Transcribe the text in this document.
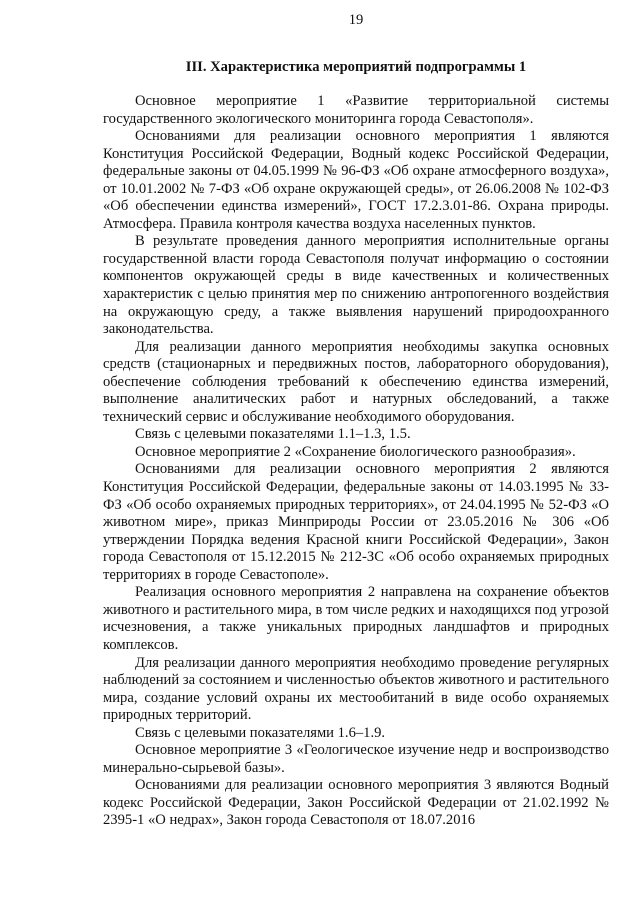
19
III. Характеристика мероприятий подпрограммы 1

Основное мероприятие 1 «Развитие территориальной системы государственного экологического мониторинга города Севастополя».

Основаниями для реализации основного мероприятия 1 являются Конституция Российской Федерации, Водный кодекс Российской Федерации, федеральные законы от 04.05.1999 № 96-ФЗ «Об охране атмосферного воздуха», от 10.01.2002 № 7-ФЗ «Об охране окружающей среды», от 26.06.2008 № 102-ФЗ «Об обеспечении единства измерений», ГОСТ 17.2.3.01-86. Охрана природы. Атмосфера. Правила контроля качества воздуха населенных пунктов.

В результате проведения данного мероприятия исполнительные органы государственной власти города Севастополя получат информацию о состоянии компонентов окружающей среды в виде качественных и количественных характеристик с целью принятия мер по снижению антропогенного воздействия на окружающую среду, а также выявления нарушений природоохранного законодательства.

Для реализации данного мероприятия необходимы закупка основных средств (стационарных и передвижных постов, лабораторного оборудования), обеспечение соблюдения требований к обеспечению единства измерений, выполнение аналитических работ и натурных обследований, а также технический сервис и обслуживание необходимого оборудования.

Связь с целевыми показателями 1.1–1.3, 1.5.

Основное мероприятие 2 «Сохранение биологического разнообразия».

Основаниями для реализации основного мероприятия 2 являются Конституция Российской Федерации, федеральные законы от 14.03.1995 № 33-ФЗ «Об особо охраняемых природных территориях», от 24.04.1995 № 52-ФЗ «О животном мире», приказ Минприроды России от 23.05.2016 № 306 «Об утверждении Порядка ведения Красной книги Российской Федерации», Закон города Севастополя от 15.12.2015 № 212-ЗС «Об особо охраняемых природных территориях в городе Севастополе».

Реализация основного мероприятия 2 направлена на сохранение объектов животного и растительного мира, в том числе редких и находящихся под угрозой исчезновения, а также уникальных природных ландшафтов и природных комплексов.

Для реализации данного мероприятия необходимо проведение регулярных наблюдений за состоянием и численностью объектов животного и растительного мира, создание условий охраны их местообитаний в виде особо охраняемых природных территорий.

Связь с целевыми показателями 1.6–1.9.

Основное мероприятие 3 «Геологическое изучение недр и воспроизводство минерально-сырьевой базы».

Основаниями для реализации основного мероприятия 3 являются Водный кодекс Российской Федерации, Закон Российской Федерации от 21.02.1992 № 2395-1 «О недрах», Закон города Севастополя от 18.07.2016
